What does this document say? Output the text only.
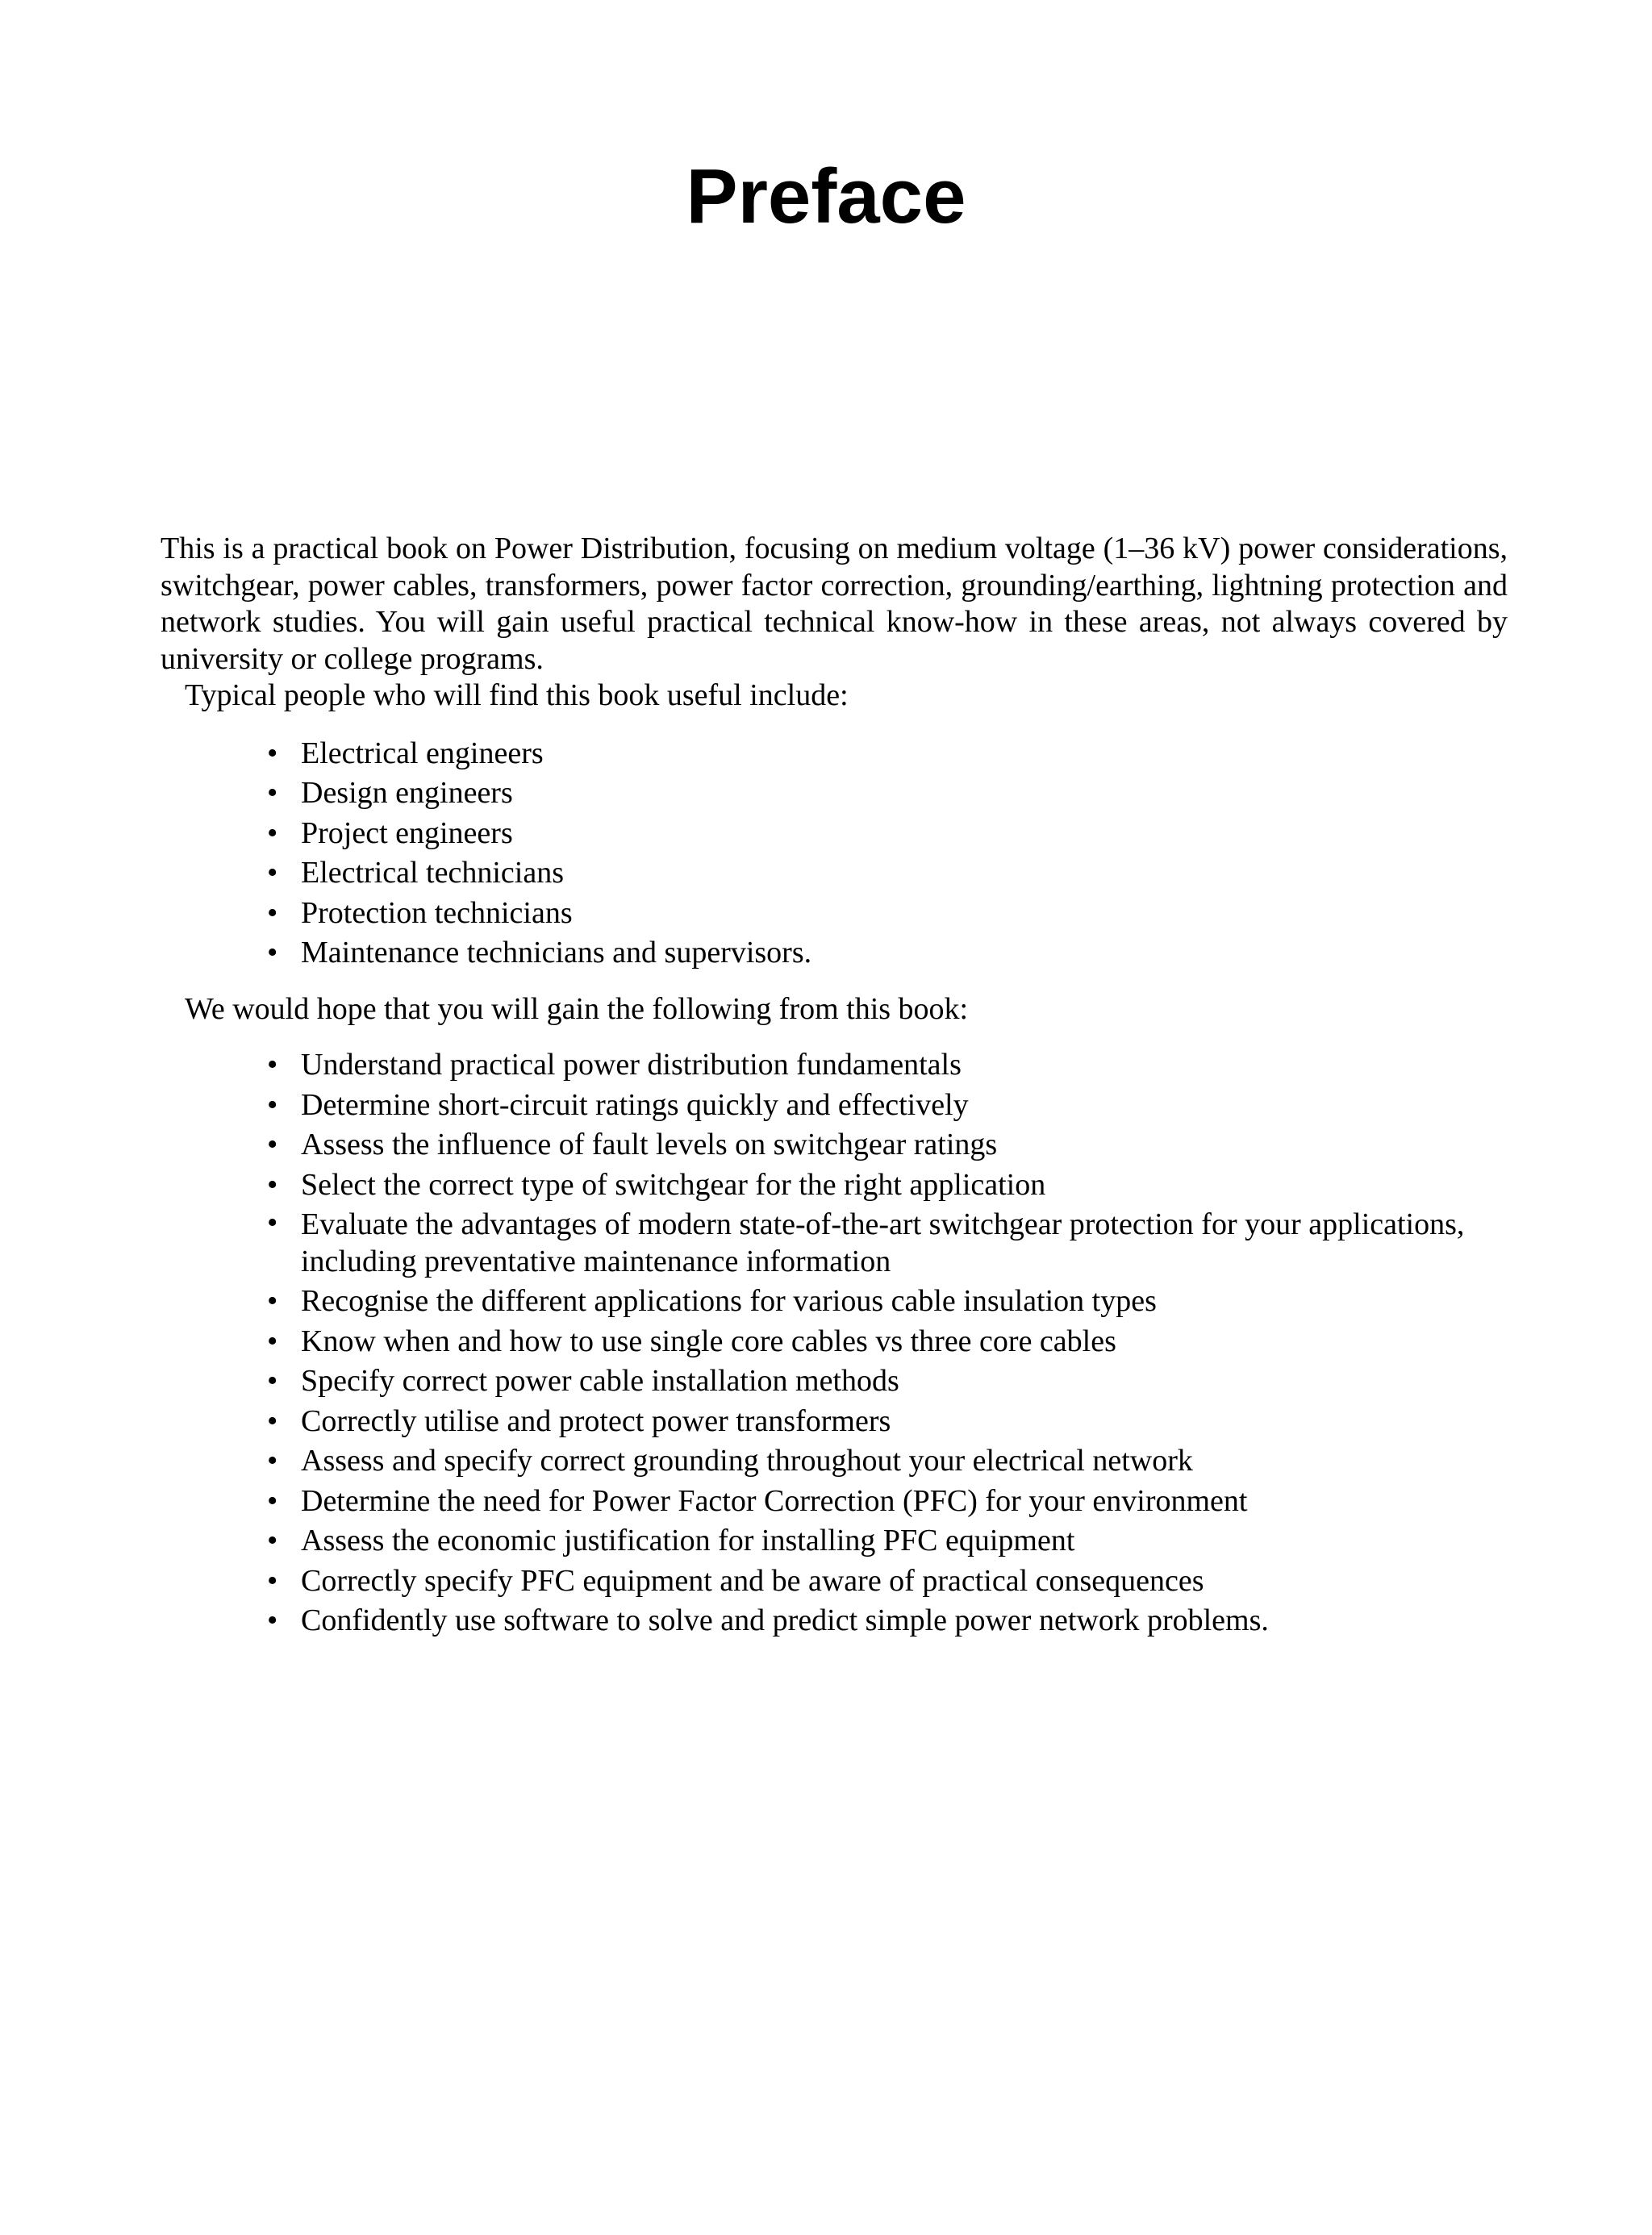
Preface

This is a practical book on Power Distribution, focusing on medium voltage (1–36 kV) power considerations, switchgear, power cables, transformers, power factor correction, grounding/earthing, lightning protection and network studies. You will gain useful practical technical know-how in these areas, not always covered by university or college programs.

Typical people who will find this book useful include:

• Electrical engineers
• Design engineers
• Project engineers
• Electrical technicians
• Protection technicians
• Maintenance technicians and supervisors.

We would hope that you will gain the following from this book:

• Understand practical power distribution fundamentals
• Determine short-circuit ratings quickly and effectively
• Assess the influence of fault levels on switchgear ratings
• Select the correct type of switchgear for the right application
• Evaluate the advantages of modern state-of-the-art switchgear protection for your applications, including preventative maintenance information
• Recognise the different applications for various cable insulation types
• Know when and how to use single core cables vs three core cables
• Specify correct power cable installation methods
• Correctly utilise and protect power transformers
• Assess and specify correct grounding throughout your electrical network
• Determine the need for Power Factor Correction (PFC) for your environment
• Assess the economic justification for installing PFC equipment
• Correctly specify PFC equipment and be aware of practical consequences
• Confidently use software to solve and predict simple power network problems.
